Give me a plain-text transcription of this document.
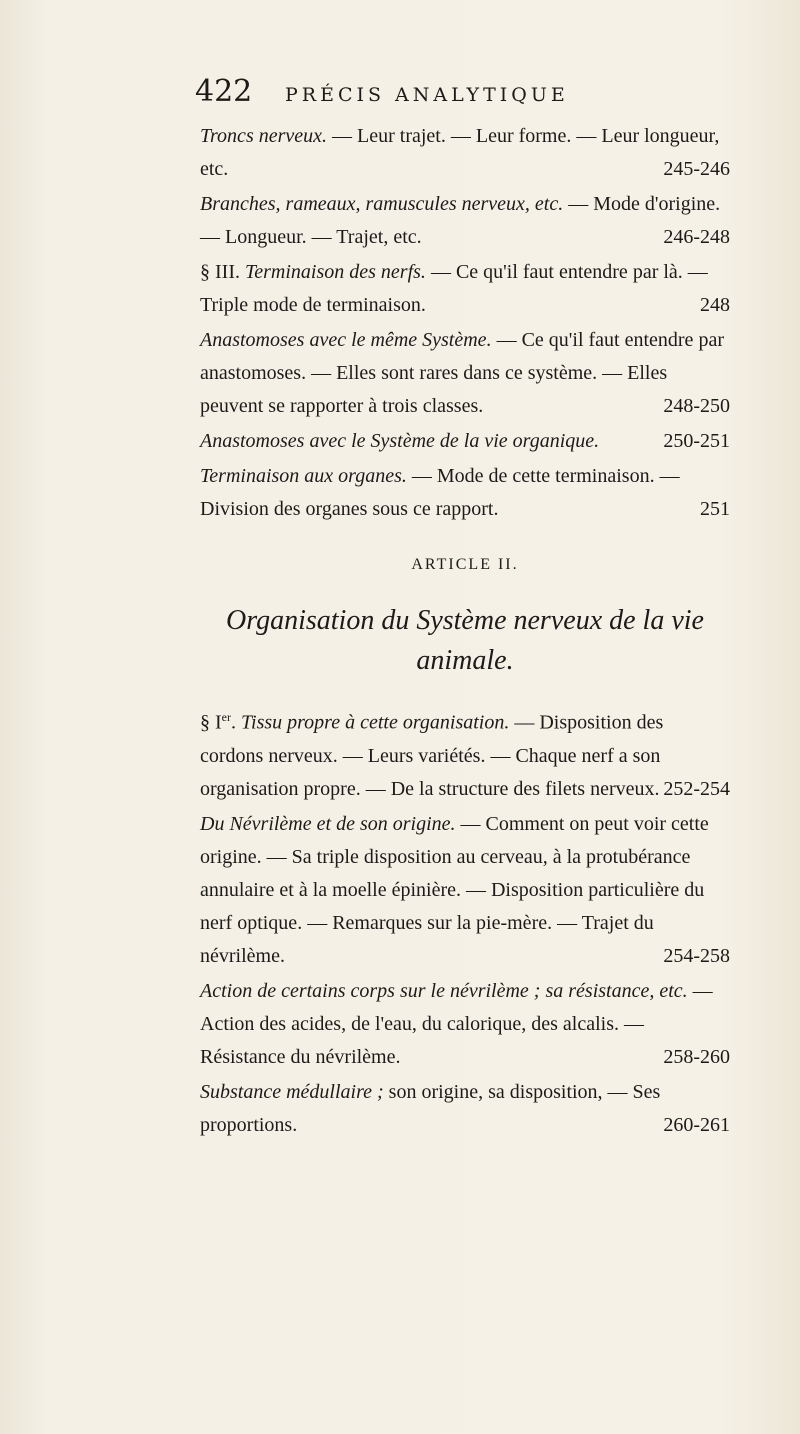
422 PRÉCIS ANALYTIQUE
Troncs nerveux. — Leur trajet. — Leur forme. — Leur longueur, etc.	245-246
Branches, rameaux, ramuscules nerveux, etc. — Mode d'origine. — Longueur. — Trajet, etc.	246-248
§ III. Terminaison des nerfs. — Ce qu'il faut entendre par là. — Triple mode de terminaison.	248
Anastomoses avec le même Système. — Ce qu'il faut entendre par anastomoses. — Elles sont rares dans ce système. — Elles peuvent se rapporter à trois classes.	248-250
Anastomoses avec le Système de la vie organique.	250-251
Terminaison aux organes. — Mode de cette terminaison. — Division des organes sous ce rapport.	251
ARTICLE II.
Organisation du Système nerveux de la vie animale.
§ Ier. Tissu propre à cette organisation. — Disposition des cordons nerveux. — Leurs variétés. — Chaque nerf a son organisation propre. — De la structure des filets nerveux. 252-254
Du Névrilème et de son origine. — Comment on peut voir cette origine. — Sa triple disposition au cerveau, à la protubérance annulaire et à la moelle épinière. — Disposition particulière du nerf optique. — Remarques sur la pie-mère. — Trajet du névrilème.	254-258
Action de certains corps sur le névrilème ; sa résistance, etc. — Action des acides, de l'eau, du calorique, des alcalis. — Résistance du névrilème.	258-260
Substance médullaire ; son origine, sa disposition, — Ses proportions.	260-261
